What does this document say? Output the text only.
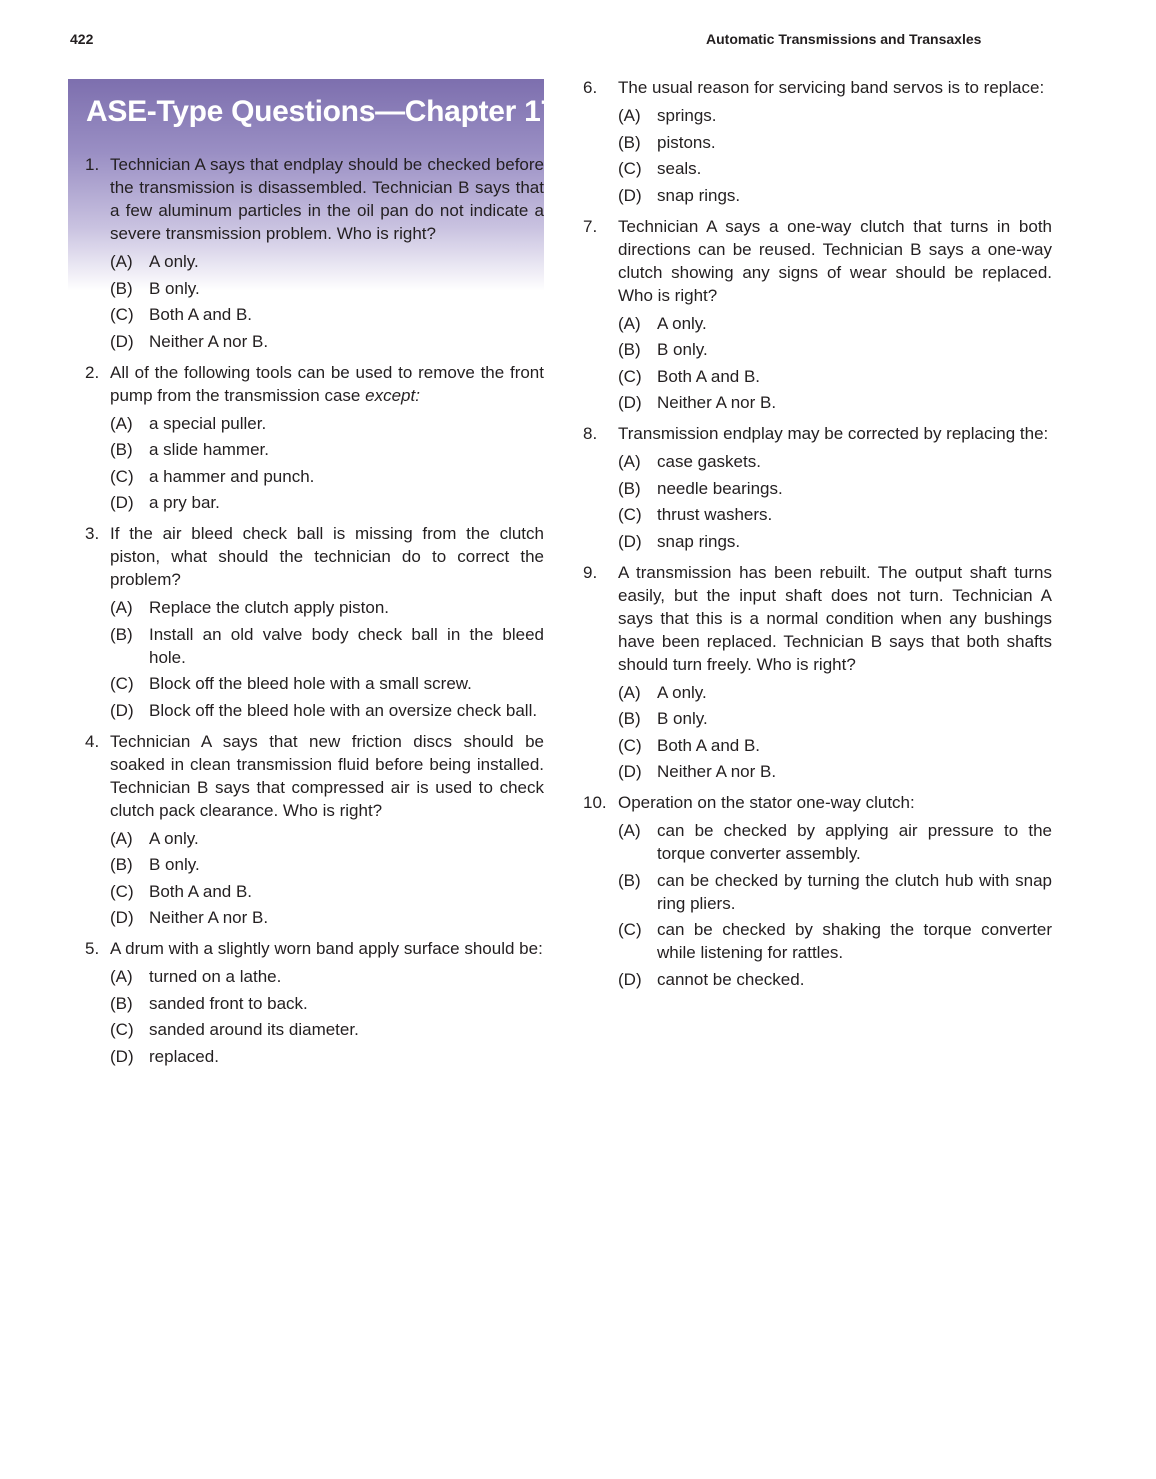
422	Automatic Transmissions and Transaxles
ASE-Type Questions—Chapter 17
1. Technician A says that endplay should be checked before the transmission is disassembled. Technician B says that a few aluminum particles in the oil pan do not indicate a severe transmission problem. Who is right?
(A) A only.
(B) B only.
(C) Both A and B.
(D) Neither A nor B.
2. All of the following tools can be used to remove the front pump from the transmission case except:
(A) a special puller.
(B) a slide hammer.
(C) a hammer and punch.
(D) a pry bar.
3. If the air bleed check ball is missing from the clutch piston, what should the technician do to correct the problem?
(A) Replace the clutch apply piston.
(B) Install an old valve body check ball in the bleed hole.
(C) Block off the bleed hole with a small screw.
(D) Block off the bleed hole with an oversize check ball.
4. Technician A says that new friction discs should be soaked in clean transmission fluid before being installed. Technician B says that compressed air is used to check clutch pack clearance. Who is right?
(A) A only.
(B) B only.
(C) Both A and B.
(D) Neither A nor B.
5. A drum with a slightly worn band apply surface should be:
(A) turned on a lathe.
(B) sanded front to back.
(C) sanded around its diameter.
(D) replaced.
6.	The usual reason for servicing band servos is to replace:
(A) springs.
(B) pistons.
(C) seals.
(D) snap rings.
7.	Technician A says a one-way clutch that turns in both directions can be reused. Technician B says a one-way clutch showing any signs of wear should be replaced. Who is right?
(A) A only.
(B) B only.
(C) Both A and B.
(D) Neither A nor B.
8.	Transmission endplay may be corrected by replacing the:
(A) case gaskets.
(B) needle bearings.
(C) thrust washers.
(D) snap rings.
9.	A transmission has been rebuilt. The output shaft turns easily, but the input shaft does not turn. Technician A says that this is a normal condition when any bushings have been replaced. Technician B says that both shafts should turn freely. Who is right?
(A) A only.
(B) B only.
(C) Both A and B.
(D) Neither A nor B.
10. Operation on the stator one-way clutch:
(A) can be checked by applying air pressure to the torque converter assembly.
(B) can be checked by turning the clutch hub with snap ring pliers.
(C) can be checked by shaking the torque converter while listening for rattles.
(D) cannot be checked.
